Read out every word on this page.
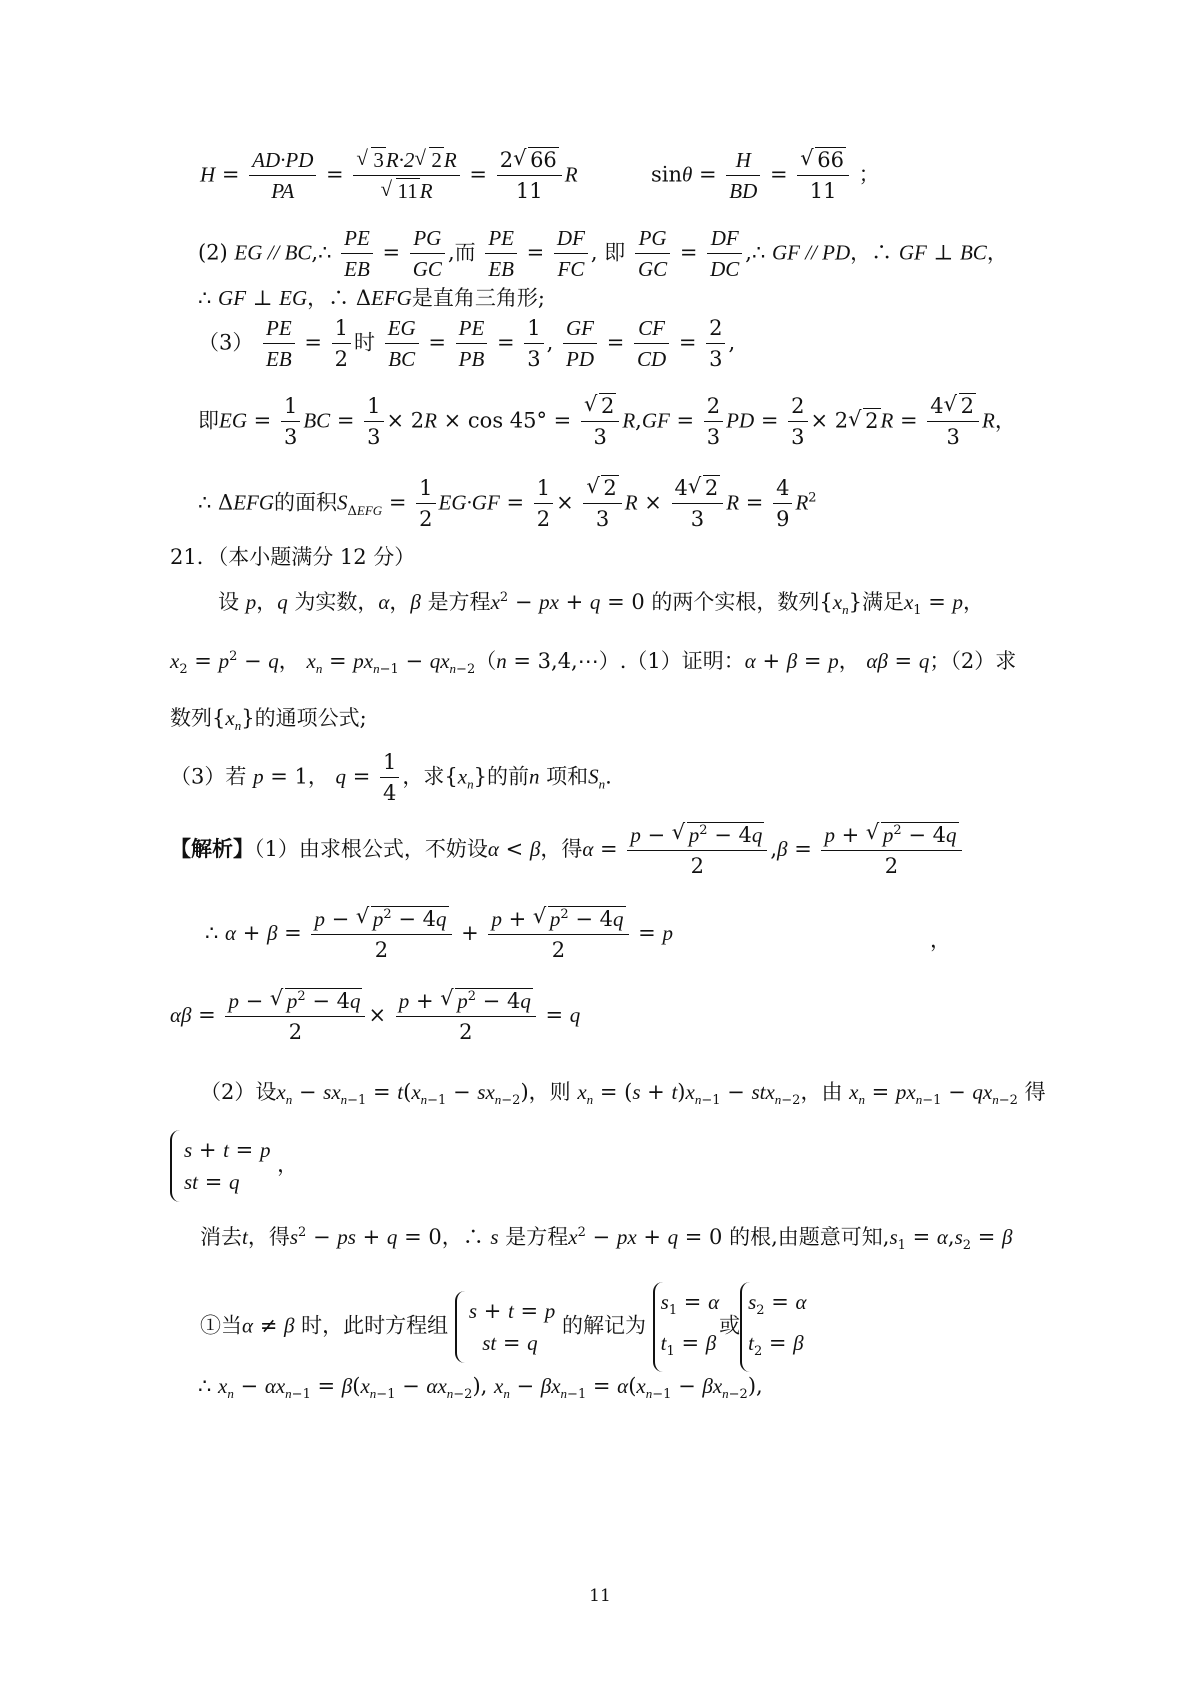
$H = \frac{AD\cdot PD}{PA}$ =
√ 3R·2√ 2R
√ $11R = \frac{2√ 66}{11}$ R	$\sin\theta = \frac{H}{BD}$ =
√ $\frac{66}{11}$ ；
(2) EG // BC,∴ $\frac{PE}{EB} = \frac{PG}{GC}$ ,而 $\frac{PE}{EB} = \frac{DF}{FC}$ , 即 $\frac{PG}{GC} = \frac{DF}{DC}$ ,∴ GF // PD，∴ GF ⊥ BC，
∴ GF ⊥ EG，∴ ΔEFG是直角三角形;
$(3) \frac{PE}{EB} = \frac{1}{2}$ 时 $\frac{EG}{BC} = \frac{PE}{PB} = \frac{1}{3}$ , $\frac{GF}{PD} = \frac{CF}{CD} = \frac{2}{3}$ ,
即EG = $\frac{1}{3}$ BC = $\frac{1}{3} \times 2R \times \cos 45^\circ$ =
√ $\frac{2}{3} R,GF = \frac{2}{3}$ PD = $\frac{2}{3} \times 2√$ $2R = \frac{4√ 2}{3}$ R，
∴ ΔEFG的面积$S_{\Delta EFG} = \frac{1}{2} EG\cdot GF = \frac{1}{2}$ ×
√ $\frac{2}{3}$ $R \times \frac{4√ 2}{3}$ $R = \frac{4}{9} R^2$
21．（本小题满分 12 分）
设 p，q 为实数，α，β 是方程$x^2$ − px + q = 0 的两个实根，数列$\{x_n\}$满足$x_1 = p$，
$x_2 = p^2 - q$， $x_n = px_{n-1} - qx_{n-2}(n$ = 3,4,⋯）.（1）证明：α + β = p， αβ = q；（2）求
数列$\{x_n\}$的通项公式;
（3）若 p = 1， $q = \frac{1}{4}$ ，求$\{x_n\}$的前n 项和$S_n$.
【解析】（1）由求根公式，不妨设α < β，得$\alpha = \frac{p - √ p^2 - 4q}{2} ,\beta = \frac{p + √ p^2 - 4q}{2}$
∴ $\alpha + \beta = \frac{p - √ p^2 - 4q}{2} + \frac{p + √ p^2 - 4q}{2} = p$	，
$\alpha\beta = \frac{p - √ p^2 - 4q}{2} \times \frac{p + √ p^2 - 4q}{2} = q$
（2）设$x_n - sx_{n-1} = t(x_{n-1} - sx_{n-2})$，则 $x_n = (s + t)x_{n-1} - stx_{n-2}$，由 $x_n = px_{n-1} - qx_{n-2}$ 得
s + t = p
st = q
，
消去t，得$s^2$ − ps + q = 0，∴ s 是方程$x^2$ − px + q = 0 的根,由题意可知$,s_1 = \alpha,s_2 = \beta$
①当α ≠ β 时，此时方程组
s + t = p
st = q
的解记为
$s_1 = \alpha$
$t_1 = \beta$
或
$s_2 = \alpha$
$t_2 = \beta$
∴ $x_n - \alpha x_{n-1} = \beta(x_{n-1} - \alpha x_{n-2})$, $x_n - \beta x_{n-1} = \alpha(x_{n-1} - \beta x_{n-2})$,
11
